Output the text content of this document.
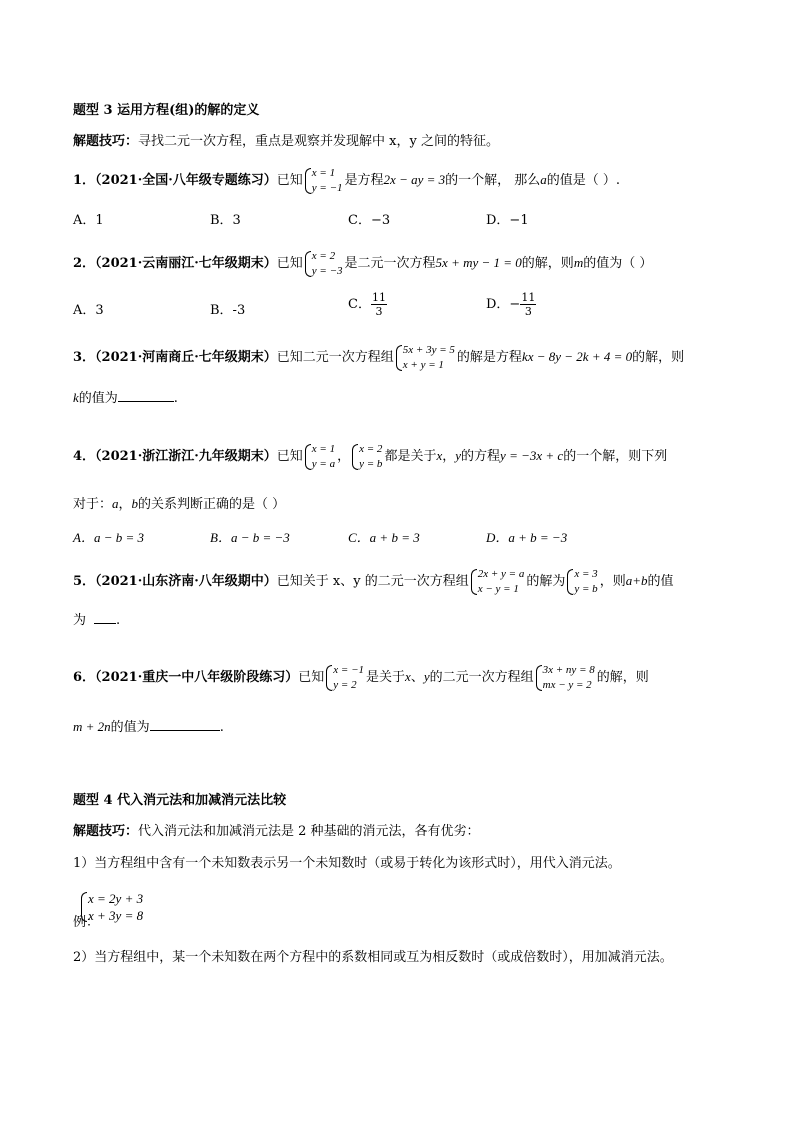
题型 3 运用方程(组)的解的定义
解题技巧：寻找二元一次方程，重点是观察并发现解中 x，y 之间的特征。
1．（2021·全国·八年级专题练习）已知
x = 1
y = −1 是方程2x − ay = 3的一个解， 那么a的值是（ ）.
A．1	B．3	C．−3	D．−1
2．（2021·云南丽江·七年级期末）已知
x = 2
y = −3 是二元一次方程5x + my − 1 = 0的解，则m的值为（ ）
A．3	B．-3	C． $\frac{11}{3}$	D．− $\frac{11}{3}$
3．（2021·河南商丘·七年级期末）已知二元一次方程组
5x + 3y = 5
x + y = 1	的解是方程kx − 8y − 2k + 4 = 0的解，则
k的值为	.
4．（2021·浙江浙江·九年级期末）已知
x = 1
y = a ，
x = 2
y = b 都是关于x，y的方程y = −3x + c的一个解，则下列
对于：a，b的关系判断正确的是（ ）
A．a − b = 3	B．a − b = −3	C．a + b = 3	D．a + b = −3
5．（2021·山东济南·八年级期中）已知关于 x、y 的二元一次方程组
2x + y = a
x − y = 1 的解为
x = 3
y = b ，则a+b的值
为 .
6．（2021·重庆一中八年级阶段练习）已知
x = −1
y = 2 是关于x、y的二元一次方程组
3x + ny = 8
mx − y = 2 的解，则
m + 2n的值为	.
题型 4 代入消元法和加减消元法比较
解题技巧：代入消元法和加减消元法是 2 种基础的消元法，各有优劣：
1）当方程组中含有一个未知数表示另一个未知数时（或易于转化为该形式时），用代入消元法。
例：
x = 2y + 3
x + 3y = 8
2）当方程组中，某一个未知数在两个方程中的系数相同或互为相反数时（或成倍数时），用加减消元法。
